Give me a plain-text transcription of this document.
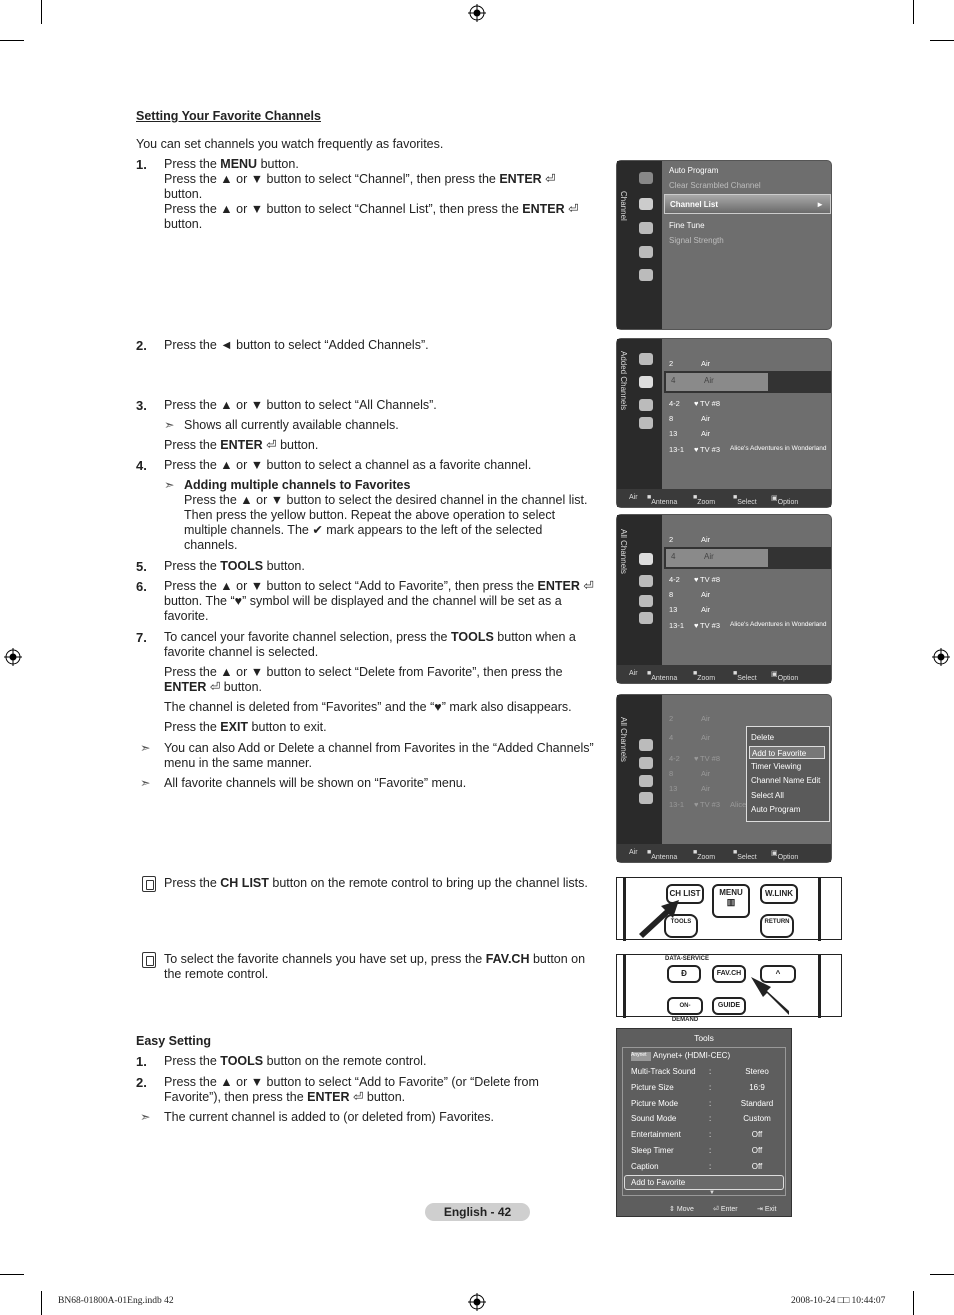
Setting Your Favorite Channels
You can set channels you watch frequently as favorites.
1. Press the MENU button.
Press the ▲ or ▼ button to select “Channel”, then press the ENTER ⏎ button.
Press the ▲ or ▼ button to select “Channel List”, then press the ENTER ⏎ button.
2. Press the ◄ button to select “Added Channels”.
3. Press the ▲ or ▼ button to select “All Channels”.
➣ Shows all currently available channels.
Press the ENTER ⏎ button.
4. Press the ▲ or ▼ button to select a channel as a favorite channel.
➣ Adding multiple channels to Favorites
Press the ▲ or ▼ button to select the desired channel in the channel list. Then press the yellow button. Repeat the above operation to select multiple channels. The ✔ mark appears to the left of the selected channels.
5. Press the TOOLS button.
6. Press the ▲ or ▼ button to select “Add to Favorite”, then press the ENTER ⏎ button. The “♥” symbol will be displayed and the channel will be set as a favorite.
7. To cancel your favorite channel selection, press the TOOLS button when a favorite channel is selected.
Press the ▲ or ▼ button to select “Delete from Favorite”, then press the ENTER ⏎ button.
The channel is deleted from “Favorites” and the “♥” mark also disappears.
Press the EXIT button to exit.
➣ You can also Add or Delete a channel from Favorites in the “Added Channels” menu in the same manner.
➣ All favorite channels will be shown on “Favorite” menu.
Press the CH LIST button on the remote control to bring up the channel lists.
To select the favorite channels you have set up, press the FAV.CH button on the remote control.
Easy Setting
1. Press the TOOLS button on the remote control.
2. Press the ▲ or ▼ button to select “Add to Favorite” (or “Delete from Favorite”), then press the ENTER ⏎ button.
➣ The current channel is added to (or deleted from) Favorites.
Channel
Auto Program
Clear Scrambled Channel
Channel List	►
Fine Tune
Signal Strength
Added Channels	2	Air
4	Air
4-2 ♥ TV #8
8	Air
13	Air
13-1 ♥ TV #3 Alice's Adventures in Wonderland
Air ■
Antenna
■
Zoom
■
Select
▣
Option
All Channels	2	Air
4	Air
4-2 ♥ TV #8
8	Air
13	Air
13-1 ♥ TV #3 Alice's Adventures in Wonderland
Air ■
Antenna
■
Zoom
■
Select
▣
Option
All Channels	2	Air
4	Air
4-2 ♥ TV #8
8	Air
13	Air
13-1 ♥ TV #3 Alice
Delete
Add to Favorite
Timer Viewing
Channel Name Edit
Select All
Auto Program
Air ■
Antenna
■
Zoom
■
Select
▣
Option
CH LIST	MENU
▥
W.LINK
TOOLS	RETURN
DATA-SERVICE
Ð	FAV.CH	^
ON-DEMAND
GUIDE
Tools
Anynet Anynet+ (HDMI-CEC)
Multi-Track Sound :	Stereo
Picture Size	:	16:9
Picture Mode	:	Standard
Sound Mode	:	Custom
Entertainment	:	Off
Sleep Timer	:	Off
Caption	:	Off
Add to Favorite
▼
⇕ Move	⏎ Enter	⇥ Exit
English - 42
BN68-01800A-01Eng.indb 42	2008-10-24 □□ 10:44:07
